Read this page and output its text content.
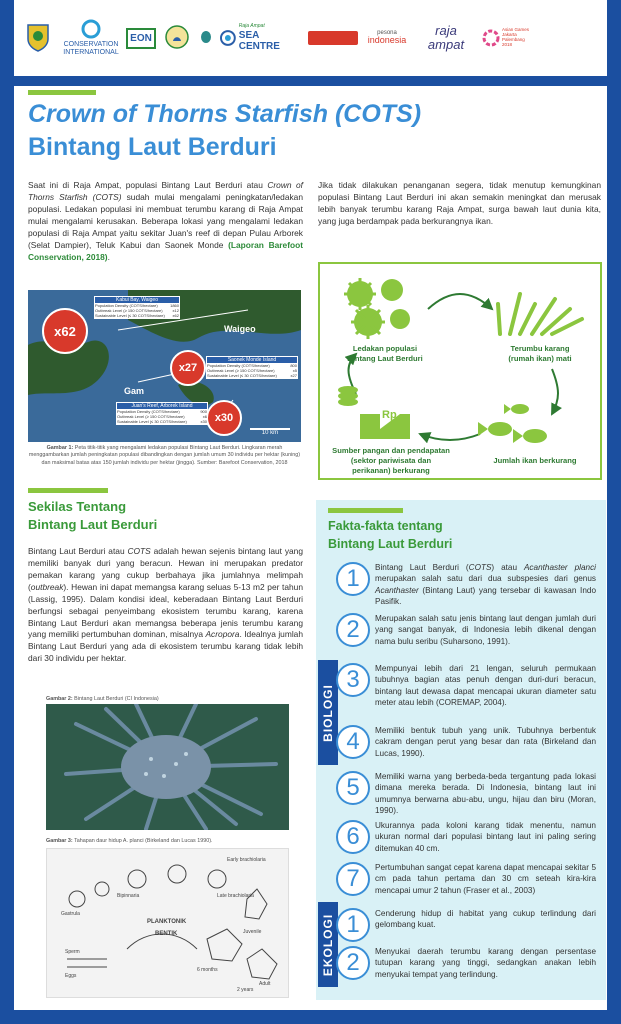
CONSERVATION INTERNATIONAL
EON
Raja Ampat
SEA CENTRE
pesona
indonesia
raja ampat
Asian Games
Jakarta
Palembang
2018
Crown of Thorns Starfish (COTS)
Bintang Laut Berduri
Saat ini di Raja Ampat, populasi Bintang Laut Berduri atau Crown of Thorns Starfish (COTS) sudah mulai mengalami peningkatan/ledakan populasi. Ledakan populasi ini membuat terumbu karang di Raja Ampat mulai mengalami kerusakan. Beberapa lokasi yang mengalami ledakan populasi di Raja Ampat yaitu sekitar Juan's reef di depan Pulau Arborek (Selat Dampier), Teluk Kabui dan Saonek Monde (Laporan Barefoot Conservation, 2018).
Jika tidak dilakukan penanganan segera, tidak menutup kemungkinan populasi Bintang Laut Berduri ini akan semakin meningkat dan merusak lebih banyak terumbu karang Raja Ampat, surga bawah laut dunia kita, yang juga berdampak pada berkurangnya ikan.
Waigeo
Gam
x62
x27
x30
Kabui Bay, Waigeo
Population Density (COTS/hectare)	1860
Outbreak Level (≥ 150 COTS/hectare) x12
Sustainable Level (≤ 30 COTS/hectare) x62
Saonek Monde Island
Population Density (COTS/hectare)	800
Outbreak Level (≥ 150 COTS/hectare)	x5
Sustainable Level (≤ 30 COTS/hectare)	x27
Juan's Reef, Arborek Island
Population Density (COTS/hectare)	900
Outbreak Level (≥ 150 COTS/hectare)	x6
Sustainable Level (≤ 30 COTS/hectare)	x30
10 km
Gambar 1: Peta titik-titik yang mengalami ledakan populasi Bintang Laut Berduri. Lingkaran merah menggambarkan jumlah peningkatan populasi dibandingkan dengan jumlah umum 30 individu per hektar (kuning) dan maksimal batas atas 150 jumlah individu per hektar (jingga). Sumber: Barefoot Conservation, 2018
Ledakan populasi
Bintang Laut Berduri
Terumbu karang
(rumah ikan) mati
Jumlah ikan berkurang
Sumber pangan dan pendapatan
(sektor pariwisata dan
perikanan) berkurang
Rp
Sekilas Tentang
Bintang Laut Berduri
Bintang Laut Berduri atau COTS adalah hewan sejenis bintang laut yang memiliki banyak duri yang beracun. Hewan ini merupakan predator pemakan karang yang cukup berbahaya jika jumlahnya melimpah (outbreak). Hewan ini dapat memangsa karang seluas 5-13 m2 per tahun (Lassig, 1995). Dalam kondisi ideal, keberadaan Bintang Laut Berduri berfungsi sebagai penyeimbang ekosistem terumbu karang, karena Bintang Laut Berduri akan memangsa beberapa jenis terumbu karang yang memiliki pertumbuhan dominan, misalnya Acropora. Idealnya jumlah Bintang Laut Berduri yang ada di ekosistem terumbu karang tidak lebih dari 30 individu per hektar.
Gambar 2: Bintang Laut Berduri (CI Indonesia)
Gambar 3: Tahapan daur hidup A. planci (Birkeland dan Lucas 1990).
Early brachiolaria
Bipinnaria
PLANKTONIK
BENTIK	Juvenile
6 months
Gastrula
Sperm
Eggs
Adult
2 years
Late brachiolaria
Fakta-fakta tentang
Bintang Laut Berduri
BIOLOGI
EKOLOGI
1	Bintang Laut Berduri (COTS) atau Acanthaster planci merupakan salah satu dari dua subspesies dari genus Acanthaster (Bintang Laut) yang tersebar di kawasan Indo Pasifik.
2	Merupakan salah satu jenis bintang laut dengan jumlah duri yang sangat banyak, di Indonesia lebih dikenal dengan nama bulu seribu (Suharsono, 1991).
3	Mempunyai lebih dari 21 lengan, seluruh permukaan tubuhnya bagian atas penuh dengan duri-duri beracun, bintang laut dewasa dapat mencapai ukuran diameter satu meter atau lebih (COREMAP, 2004).
4	Memiliki bentuk tubuh yang unik. Tubuhnya berbentuk cakram dengan perut yang besar dan rata (Birkeland dan Lucas, 1990).
5	Memiliki warna yang berbeda-beda tergantung pada lokasi dimana mereka berada. Di Indonesia, bintang laut ini umumnya berwarna abu-abu, ungu, hijau dan biru (Moran, 1990).
6	Ukurannya pada koloni karang tidak menentu, namun ukuran normal dari populasi bintang laut ini paling sering ditemukan 40 cm.
7	Pertumbuhan sangat cepat karena dapat mencapai sekitar 5 cm pada tahun pertama dan 30 cm seteah kira-kira mencapai umur 2 tahun (Fraser et al., 2003)
1	Cenderung hidup di habitat yang cukup terlindung dari gelombang kuat.
2	Menyukai daerah terumbu karang dengan persentase tutupan karang yang tinggi, sedangkan anakan lebih menyukai tempat yang terlindung.
